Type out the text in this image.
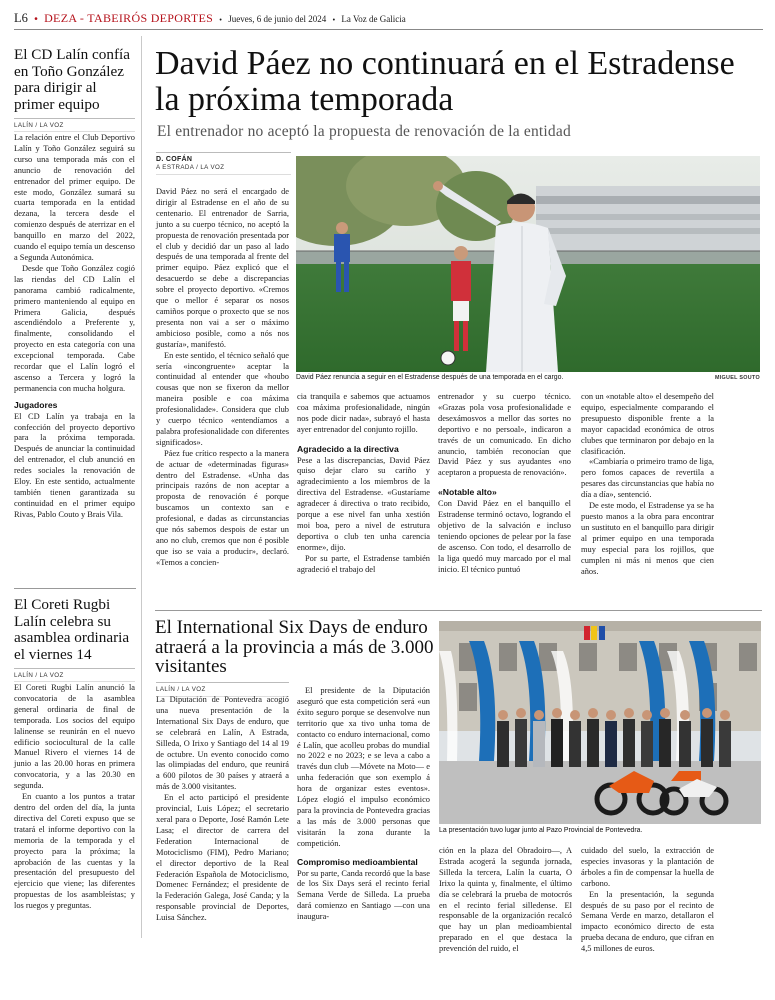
L6 • DEZA - TABEIRÓS DEPORTES • Jueves, 6 de junio del 2024 • La Voz de Galicia
El CD Lalín confía en Toño González para dirigir al primer equipo
LALÍN / LA VOZ

La relación entre el Club Deportivo Lalín y Toño González seguirá su curso una temporada más con el anuncio de renovación del entrenador del primer equipo. De este modo, González sumará su cuarta temporada en la entidad dezana, la tercera desde el comienzo después de aterrizar en el banquillo en marzo del 2022, cuando el equipo temía un descenso a Segunda Autonómica.

Desde que Toño González cogió las riendas del CD Lalín el panorama cambió radicalmente, primero manteniendo al equipo en Primera Galicia, después ascendiéndolo a Preferente y, finalmente, consolidando el proyecto en esta categoría con una excepcional temporada. Cabe recordar que el Lalín logró el ascenso a Tercera y logró la permanencia con mucha holgura.

Jugadores

El CD Lalín ya trabaja en la confección del proyecto deportivo para la próxima temporada. Después de anunciar la continuidad del entrenador, el club anunció en redes sociales la renovación de Eloy. En este sentido, actualmente también tienen garantizada su continuidad en el primer equipo Rivas, Pablo Couto y Brais Vila.

El Coreti Rugbi Lalín celebra su asamblea ordinaria el viernes 14
LALÍN / LA VOZ

El Coreti Rugbi Lalín anunció la convocatoria de la asamblea general ordinaria de final de temporada. Los socios del equipo lalinense se reunirán en el nuevo edificio sociocultural de la calle Manuel Rivero el viernes 14 de junio a las 20.00 horas en primera convocatoria, y a las 20.30 en segunda.

En cuanto a los puntos a tratar dentro del orden del día, la junta directiva del Coreti expuso que se tratará el informe deportivo con la memoria de la temporada y el proyecto para la próxima; la aprobación de las cuentas y la presentación del presupuesto del ejercicio que viene; las diferentes propuestas de los asambleístas; y los ruegos y preguntas.

David Páez no continuará en el Estradense la próxima temporada
El entrenador no aceptó la propuesta de renovación de la entidad
D. COFÁN
A ESTRADA / LA VOZ
David Páez renuncia a seguir en el Estradense después de una temporada en el cargo.	MIGUEL SOUTO

David Páez no será el encargado de dirigir al Estradense en el año de su centenario. El entrenador de Sarria, junto a su cuerpo técnico, no aceptó la propuesta de renovación presentada por el club y decidió dar un paso al lado después de una temporada al frente del primer equipo. Páez explicó que el desacuerdo se debe a discrepancias sobre el proyecto deportivo. «Cremos que o mellor é separar os nosos camiños porque o proxecto que se nos presenta non vai a ser o máximo ambicioso posible, como a nós nos gustaría», manifestó.

En este sentido, el técnico señaló que sería «incongruente» aceptar la continuidad al entender que «houbo cousas que non se fixeron da mellor maneira posible e coa máxima profesionalidade». Considera que club y cuerpo técnico «entendíamos a palabra profesionalidade con diferentes significados».

Páez fue crítico respecto a la manera de actuar de «determinadas figuras» dentro del Estradense. «Unha das principais razóns de non aceptar a proposta de renovación é porque buscamos un contexto san e profesional, e dadas as circunstancias que nós sabemos despois de estar un ano no club, cremos que non é posible que iso se vaia a producir», declaró. «Temos a concien-

cia tranquila e sabemos que actuamos coa máxima profesionalidade, ningún nos pode dicir nada», subrayó el hasta ayer entrenador del conjunto rojillo.

Agradecido a la directiva

Pese a las discrepancias, David Páez quiso dejar claro su cariño y agradecimiento a los miembros de la directiva del Estradense. «Gustaríame agradecer á directiva o trato recibido, porque a ese nivel fan unha xestión moi boa, pero a nivel de estrutura deportiva o club ten unha carencia enorme», dijo.

Por su parte, el Estradense también agradeció el trabajo del

entrenador y su cuerpo técnico. «Grazas pola vosa profesionalidade e desexámosvos a mellor das sortes no deportivo e no persoal», indicaron a través de un comunicado. En dicho anuncio, también reconocían que David Páez y sus ayudantes «no aceptaron a propuesta de renovación».

«Notable alto»

Con David Páez en el banquillo el Estradense terminó octavo, logrando el objetivo de la salvación e incluso teniendo opciones de pelear por la fase de ascenso. Con todo, el desarrollo de la liga quedó muy marcado por el mal inicio. El técnico puntuó

con un «notable alto» el desempeño del equipo, especialmente comparando el presupuesto disponible frente a la mayor capacidad económica de otros clubes que terminaron por debajo en la clasificación.

«Cambiaría o primeiro tramo de liga, pero fomos capaces de revertila a pesares das circunstancias que había no día a día», sentenció.

De este modo, el Estradense ya se ha puesto manos a la obra para encontrar un sustituto en el banquillo para dirigir al primer equipo en una temporada muy especial para los rojillos, que cumplen ni más ni menos que cien años.

El International Six Days de enduro atraerá a la provincia a más de 3.000 visitantes
LALÍN / LA VOZ
La presentación tuvo lugar junto al Pazo Provincial de Pontevedra.

La Diputación de Pontevedra acogió una nueva presentación de la International Six Days de enduro, que se celebrará en Lalín, A Estrada, Silleda, O Irixo y Santiago del 14 al 19 de octubre. Un evento conocido como las olimpiadas del enduro, que reunirá a 600 pilotos de 30 países y atraerá a más de 3.000 visitantes.

En el acto participó el presidente provincial, Luis López; el secretario xeral para o Deporte, José Ramón Lete Lasa; el director de carrera del Federation Internacional de Motociclismo (FIM), Pedro Mariano; el director deportivo de la Real Federación Española de Motociclismo, Domenec Fernández; el presidente de la Federación Galega, José Canda; y la responsable provincial de Deportes, Luisa Sánchez.

El presidente de la Diputación aseguró que esta competición será «un éxito seguro porque se desenvolve nun territorio que xa tivo unha toma de contacto co enduro internacional, como é Lalín, que acolleu probas do mundial no 2022 e no 2023; e se leva a cabo a través dun club —Móvete na Moto— e unha federación que son exemplo á hora de organizar estes eventos». López elogió el impulso económico para la provincia de Pontevedra gracias a las más de 3.000 personas que visitarán la zona durante la competición.

Compromiso medioambiental

Por su parte, Canda recordó que la base de los Six Days será el recinto ferial Semana Verde de Silleda. La prueba dará comienzo en Santiago —con una inaugura-

ción en la plaza del Obradoiro—, A Estrada acogerá la segunda jornada, Silleda la tercera, Lalín la cuarta, O Irixo la quinta y, finalmente, el último día se celebrará la prueba de motocrós en el recinto ferial silledense. El responsable de la organización recalcó que hay un plan medioambiental preparado en el que destaca la prevención del ruido, el

cuidado del suelo, la extracción de especies invasoras y la plantación de árboles a fin de compensar la huella de carbono.

En la presentación, la segunda después de su paso por el recinto de Semana Verde en marzo, detallaron el impacto económico directo de esta prueba decana de enduro, que cifran en 4,5 millones de euros.
